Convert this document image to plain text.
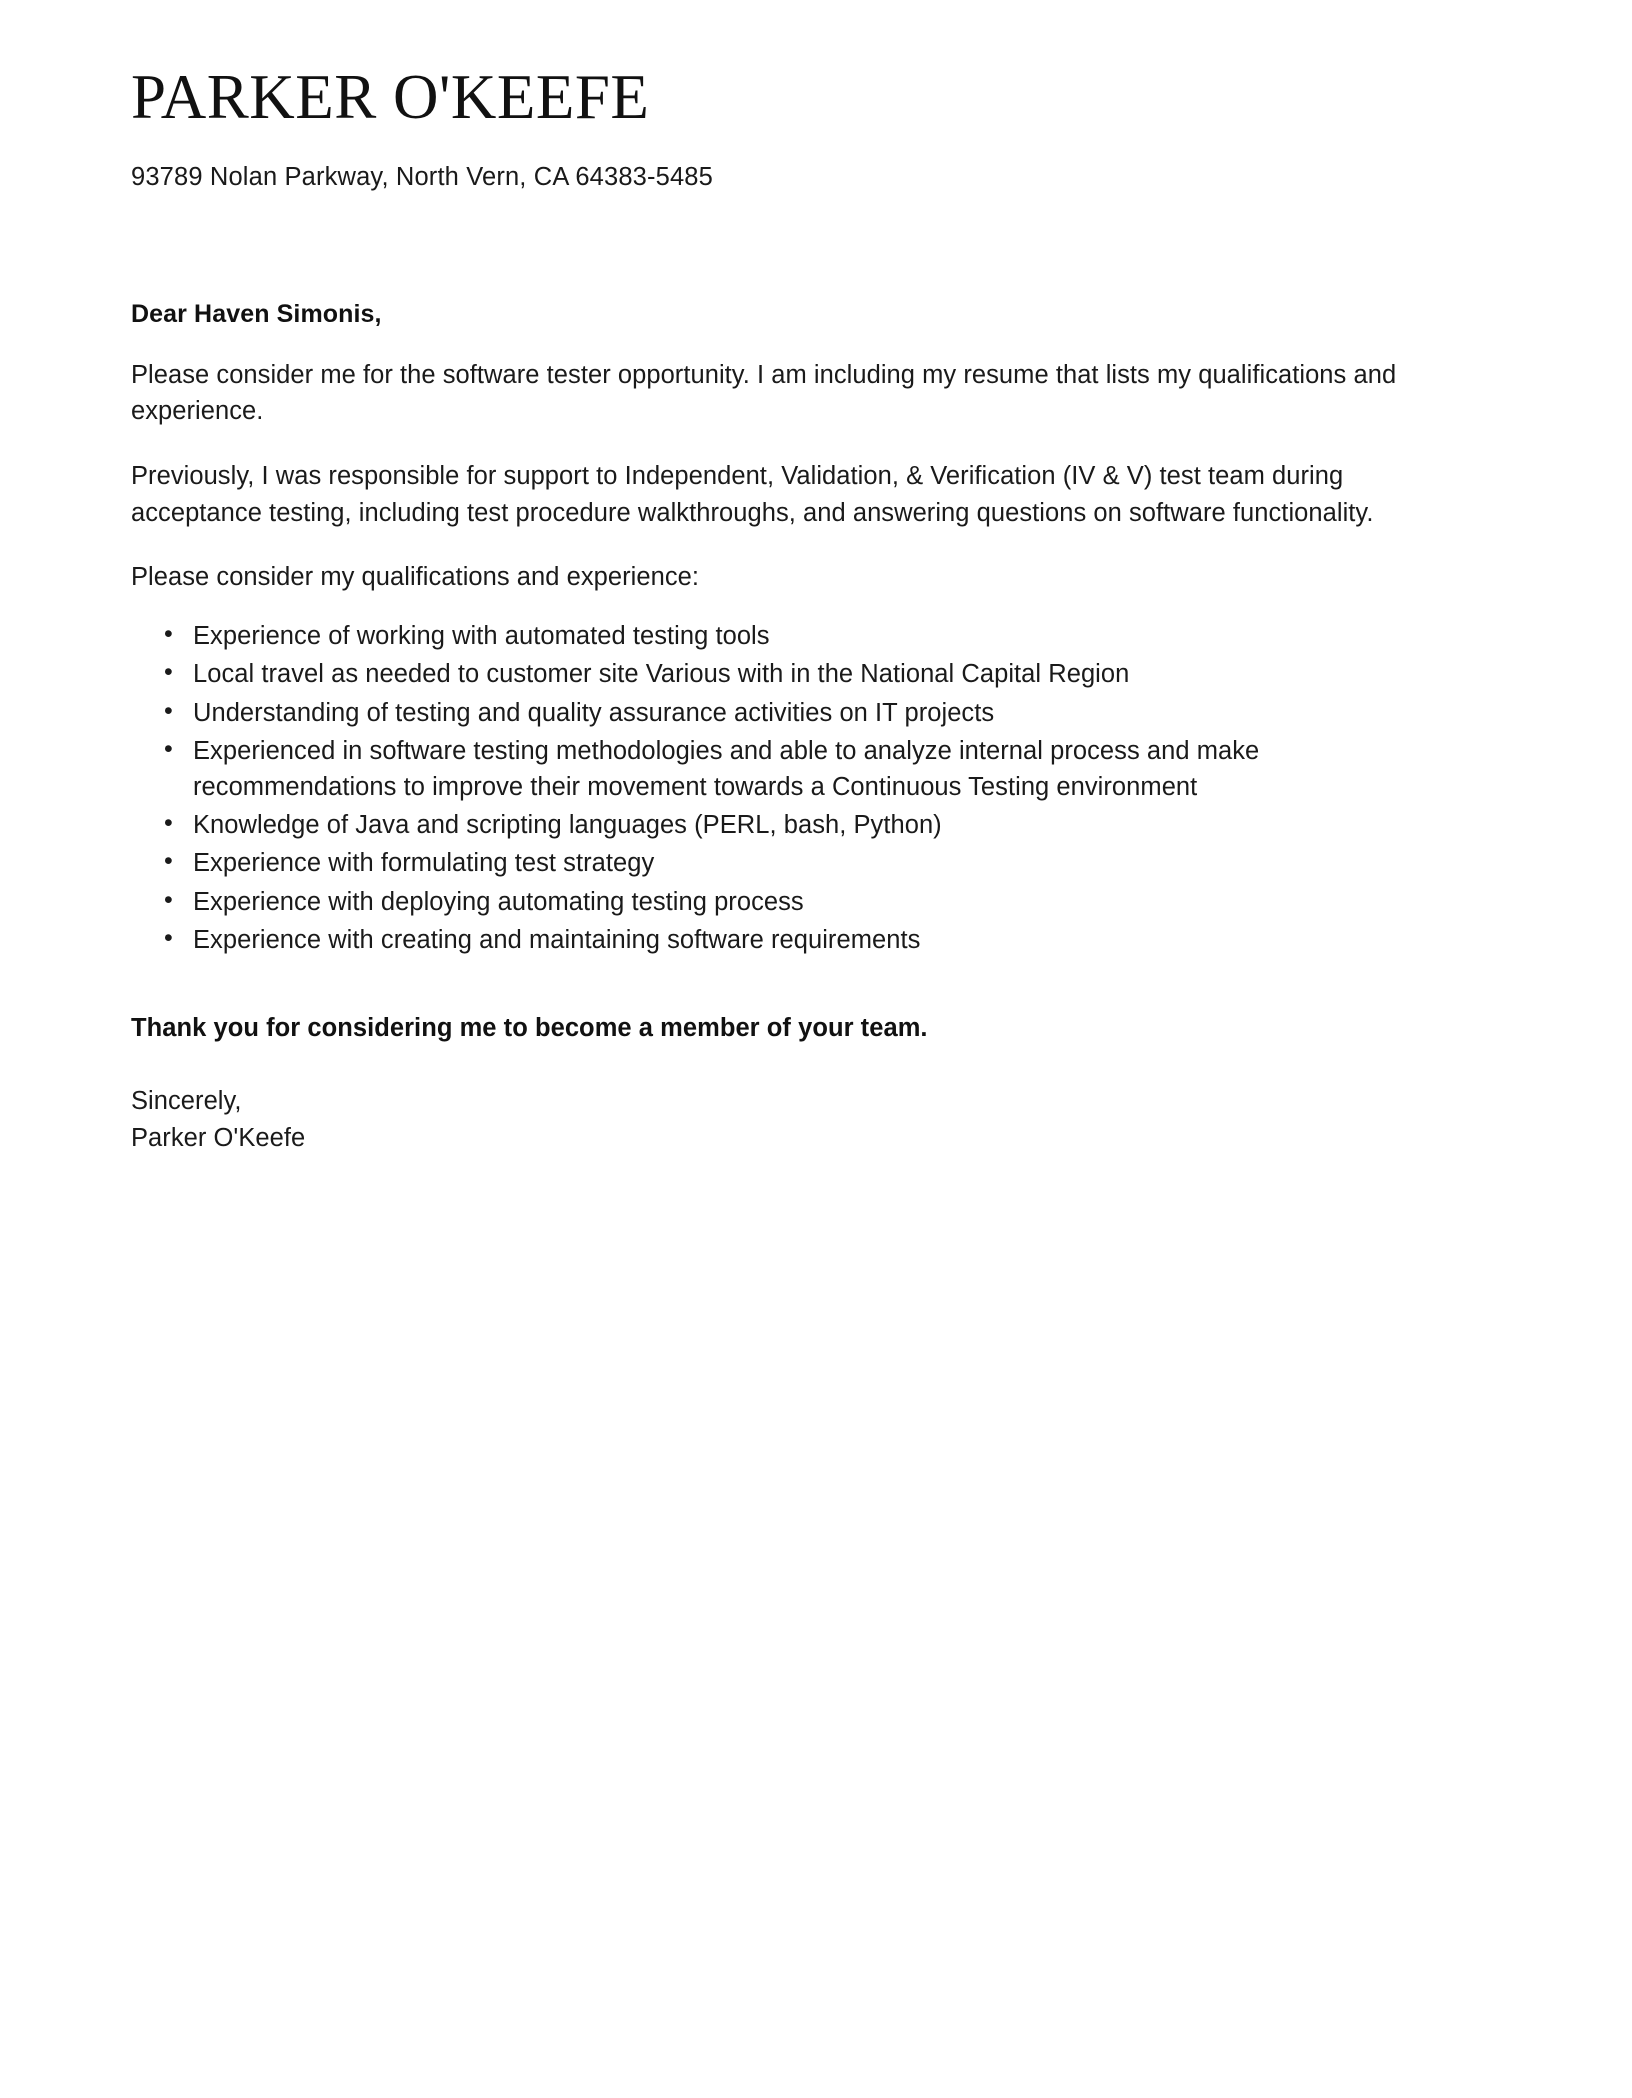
PARKER O'KEEFE

93789 Nolan Parkway, North Vern, CA 64383-5485

Dear Haven Simonis,

Please consider me for the software tester opportunity. I am including my resume that lists my qualifications and experience.

Previously, I was responsible for support to Independent, Validation, & Verification (IV & V) test team during acceptance testing, including test procedure walkthroughs, and answering questions on software functionality.

Please consider my qualifications and experience:

• Experience of working with automated testing tools
• Local travel as needed to customer site Various with in the National Capital Region
• Understanding of testing and quality assurance activities on IT projects
• Experienced in software testing methodologies and able to analyze internal process and make recommendations to improve their movement towards a Continuous Testing environment
• Knowledge of Java and scripting languages (PERL, bash, Python)
• Experience with formulating test strategy
• Experience with deploying automating testing process
• Experience with creating and maintaining software requirements

Thank you for considering me to become a member of your team.

Sincerely,

Parker O'Keefe
